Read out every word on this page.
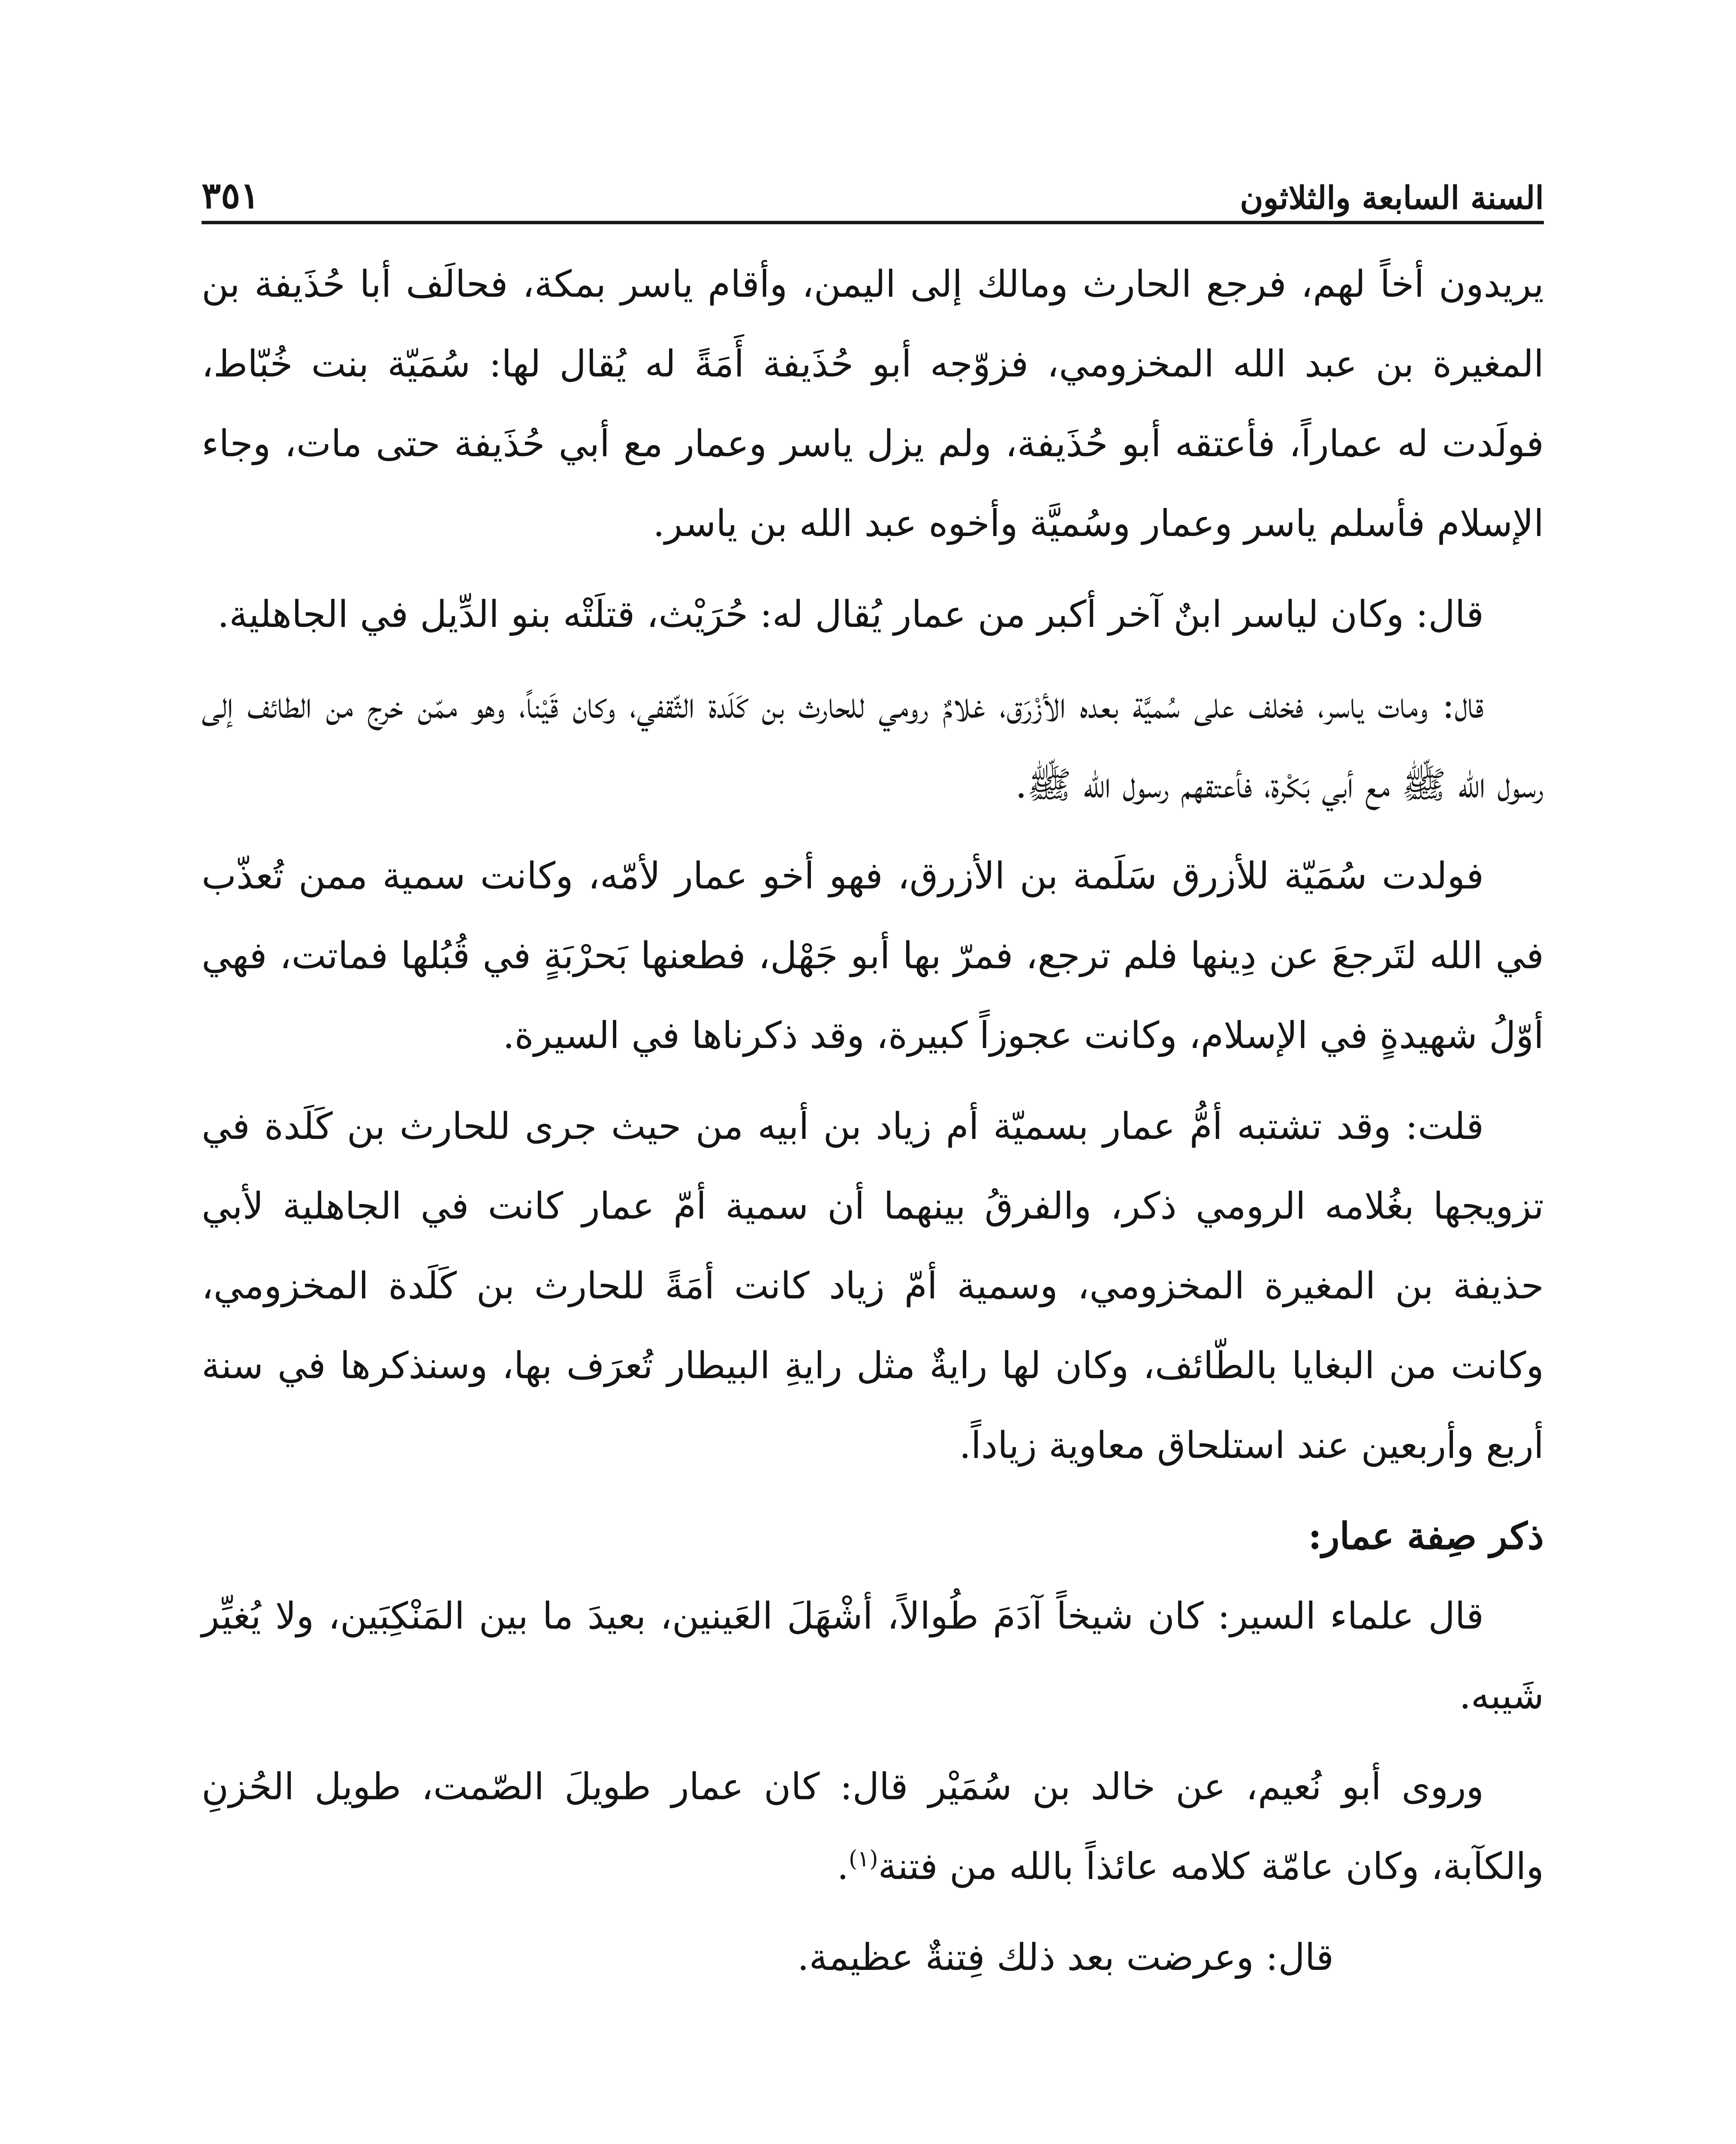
السنة السابعة والثلاثون
٣٥١

يريدون أخاً لهم، فرجع الحارث ومالك إلى اليمن، وأقام ياسر بمكة، فحالَف أبا حُذَيفة بن المغيرة بن عبد الله المخزومي، فزوّجه أبو حُذَيفة أَمَةً له يُقال لها: سُمَيّة بنت خُبّاط، فولَدت له عماراً، فأعتقه أبو حُذَيفة، ولم يزل ياسر وعمار مع أبي حُذَيفة حتى مات، وجاء الإسلام فأسلم ياسر وعمار وسُميَّة وأخوه عبد الله بن ياسر.

قال: وكان لياسر ابنٌ آخر أكبر من عمار يُقال له: حُرَيْث، قتلَتْه بنو الدِّيل في الجاهلية.

قال: ومات ياسر، فخلف على سُميَّة بعده الأزْرَق، غلامٌ رومي للحارث بن كَلَدة الثّقفي، وكان قَيْناً، وهو ممّن خرج من الطائف إلى رسول الله ﷺ مع أبي بَكْرة، فأعتقهم رسول الله ﷺ.

فولدت سُمَيّة للأزرق سَلَمة بن الأزرق، فهو أخو عمار لأمّه، وكانت سمية ممن تُعذّب في الله لتَرجعَ عن دِينها فلم ترجع، فمرّ بها أبو جَهْل، فطعنها بَحرْبَةٍ في قُبُلها فماتت، فهي أوّلُ شهيدةٍ في الإسلام، وكانت عجوزاً كبيرة، وقد ذكرناها في السيرة.

قلت: وقد تشتبه أمُّ عمار بسميّة أم زياد بن أبيه من حيث جرى للحارث بن كَلَدة في تزويجها بغُلامه الرومي ذكر، والفرقُ بينهما أن سمية أمّ عمار كانت في الجاهلية لأبي حذيفة بن المغيرة المخزومي، وسمية أمّ زياد كانت أمَةً للحارث بن كَلَدة المخزومي، وكانت من البغايا بالطّائف، وكان لها رايةٌ مثل رايةِ البيطار تُعرَف بها، وسنذكرها في سنة أربع وأربعين عند استلحاق معاوية زياداً.

ذكر صِفة عمار:

قال علماء السير: كان شيخاً آدَمَ طُوالاً، أشْهَلَ العَينين، بعيدَ ما بين المَنْكِبَين، ولا يُغيِّر شَيبه.

وروى أبو نُعيم، عن خالد بن سُمَيْر قال: كان عمار طويلَ الصّمت، طويل الحُزنِ والكآبة، وكان عامّة كلامه عائذاً بالله من فتنة$^{(١)}$.

قال: وعرضت بعد ذلك فِتنةٌ عظيمة.
